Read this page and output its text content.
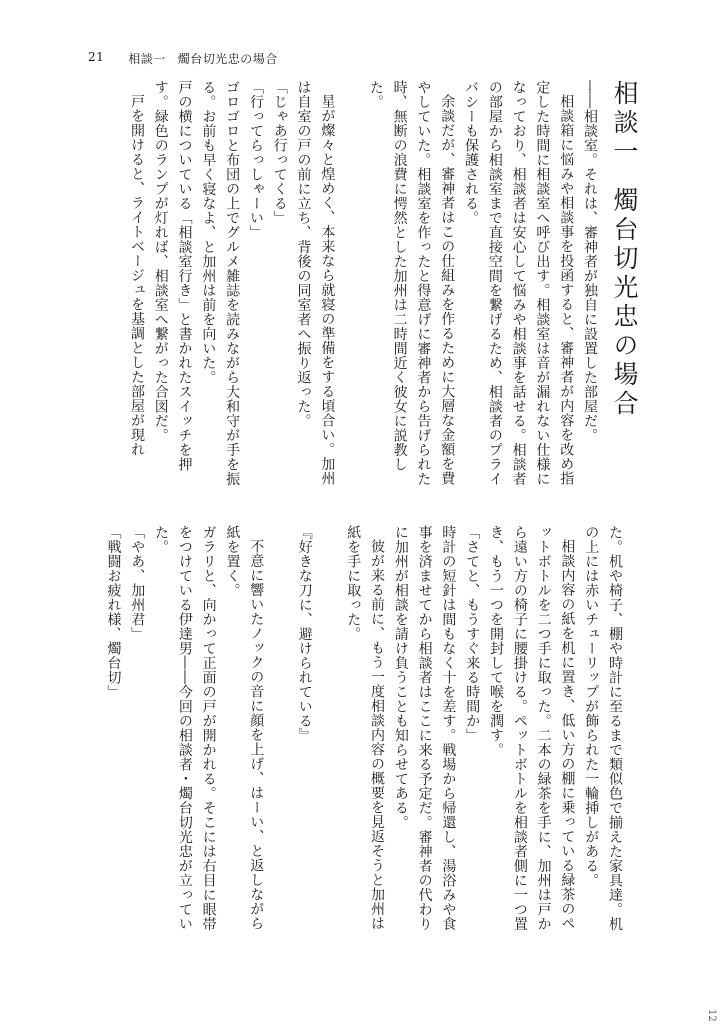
21 相談一 燭台切光忠の場合
相談一燭台切光忠の場合

――相談室。それは、審神者が独自に設置した部屋だ。

相談箱に悩みや相談事を投函すると、審神者が内容を改め指定した時間に相談室へ呼び出す。相談室は音が漏れない仕様になっており、相談者は安心して悩みや相談事を話せる。相談者の部屋から相談室まで直接空間を繋げるため、相談者のプライバシーも保護される。

余談だが、審神者はこの仕組みを作るために大層な金額を費やしていた。相談室を作ったと得意げに審神者から告げられた時、無断の浪費に愕然とした加州は二時間近く彼女に説教した。

星が燦々と煌めく、本来なら就寝の準備をする頃合い。加州は自室の戸の前に立ち、背後の同室者へ振り返った。

「じゃあ行ってくる」

「行ってらっしゃーい」

ゴロゴロと布団の上でグルメ雑誌を読みながら大和守が手を振る。お前も早く寝なよ、と加州は前を向いた。

戸の横についている「相談室行き」と書かれたスイッチを押す。緑色のランプが灯れば、相談室へ繋がった合図だ。

戸を開けると、ライトベージュを基調とした部屋が現れ

た。机や椅子、棚や時計に至るまで類似色で揃えた家具達。机の上には赤いチューリップが飾られた一輪挿しがある。

相談内容の紙を机に置き、低い方の棚に乗っている緑茶のペットボトルを二つ手に取った。二本の緑茶を手に、加州は戸から遠い方の椅子に腰掛ける。ペットボトルを相談者側に一つ置き、もう一つを開封して喉を潤す。

「さてと、もうすぐ来る時間か」

時計の短針は間もなく十を差す。戦場から帰還し、湯浴みや食事を済ませてから相談者はここに来る予定だ。審神者の代わりに加州が相談を請け負うことも知らせてある。

彼が来る前に、もう一度相談内容の概要を見返そうと加州は紙を手に取った。

『好きな刀に、避けられている』

不意に響いたノックの音に顔を上げ、はーい、と返しながら紙を置く。

ガラリと、向かって正面の戸が開かれる。そこには右目に眼帯をつけている伊達男――今回の相談者・燭台切光忠が立っていた。

「やあ、加州君」

「戦闘お疲れ様、燭台切」

12
